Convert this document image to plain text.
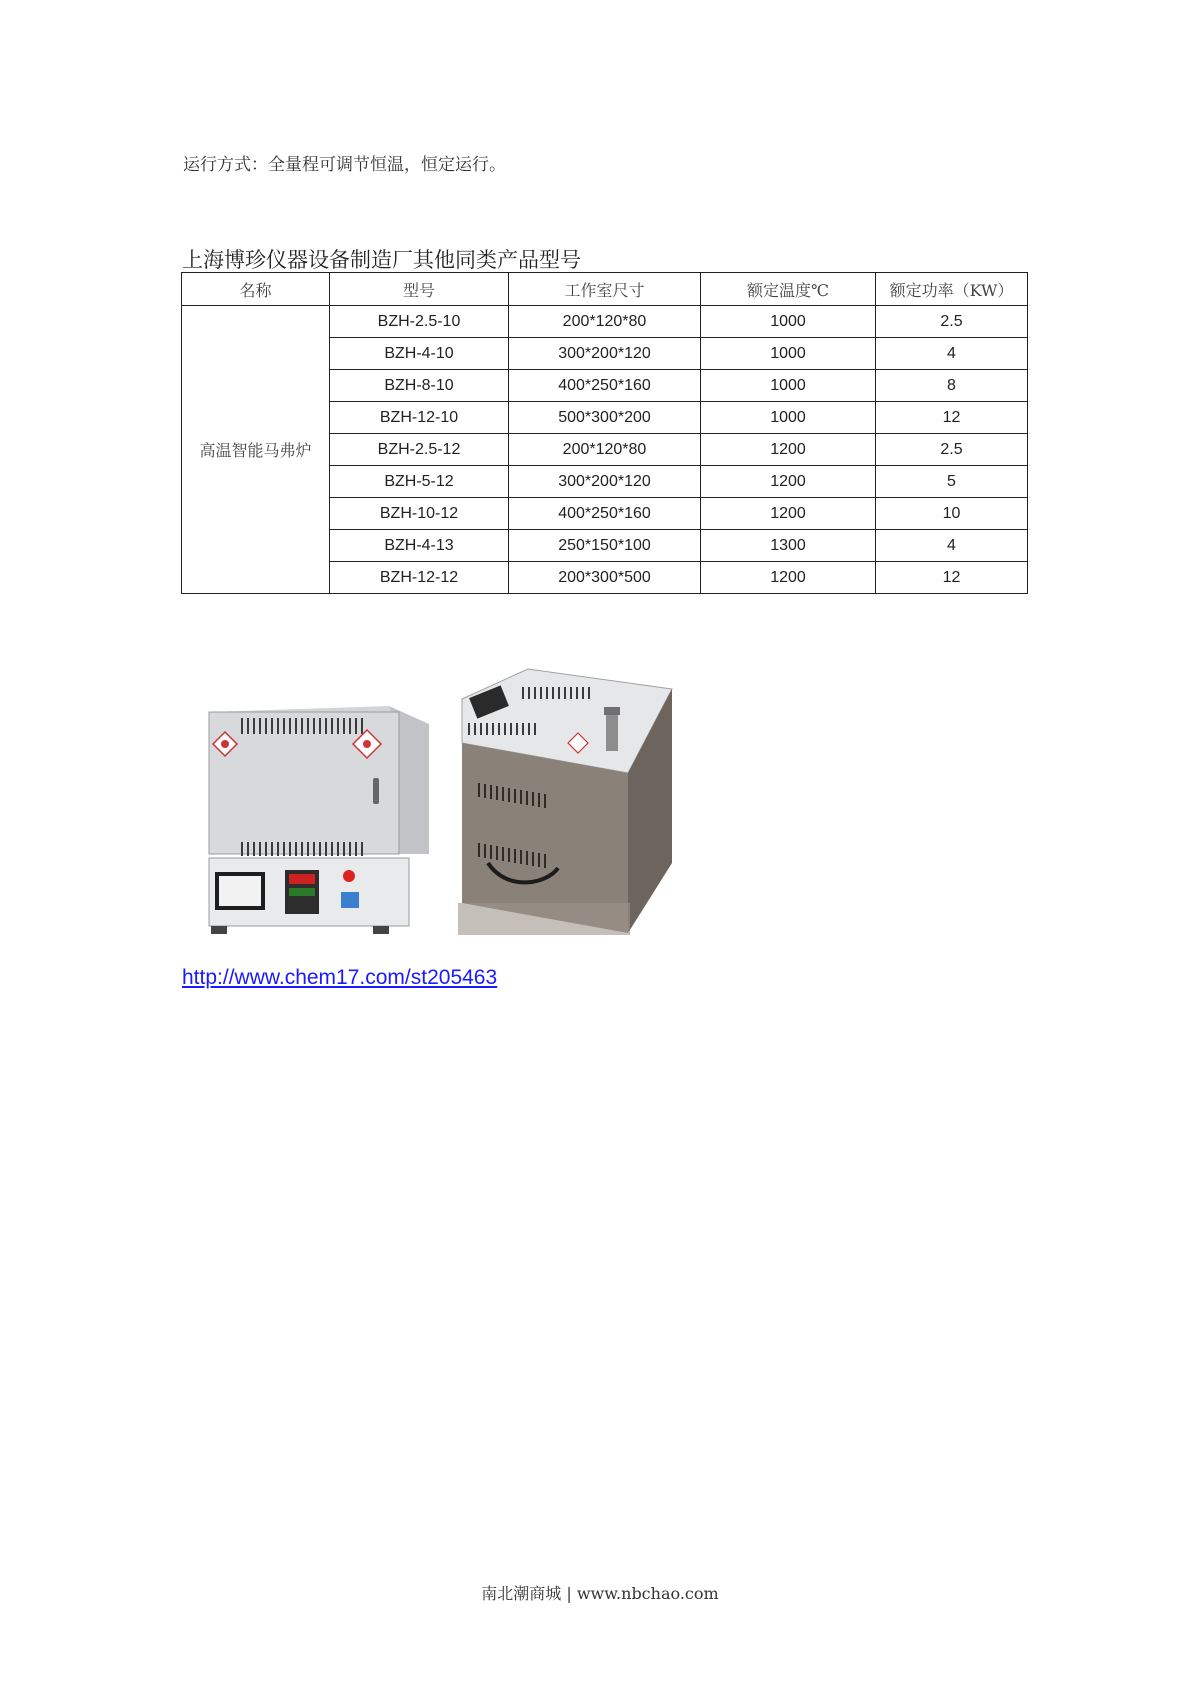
运行方式：全量程可调节恒温，恒定运行。
上海博珍仪器设备制造厂其他同类产品型号
名称	型号	工作室尺寸	额定温度℃	额定功率（KW）
高温智能马弗炉	BZH-2.5-10	200*120*80	1000	2.5
	BZH-4-10	300*200*120	1000	4
	BZH-8-10	400*250*160	1000	8
	BZH-12-10	500*300*200	1000	12
	BZH-2.5-12	200*120*80	1200	2.5
	BZH-5-12	300*200*120	1200	5
	BZH-10-12	400*250*160	1200	10
	BZH-4-13	250*150*100	1300	4
	BZH-12-12	200*300*500	1200	12
http://www.chem17.com/st205463
南北潮商城 | www.nbchao.com
